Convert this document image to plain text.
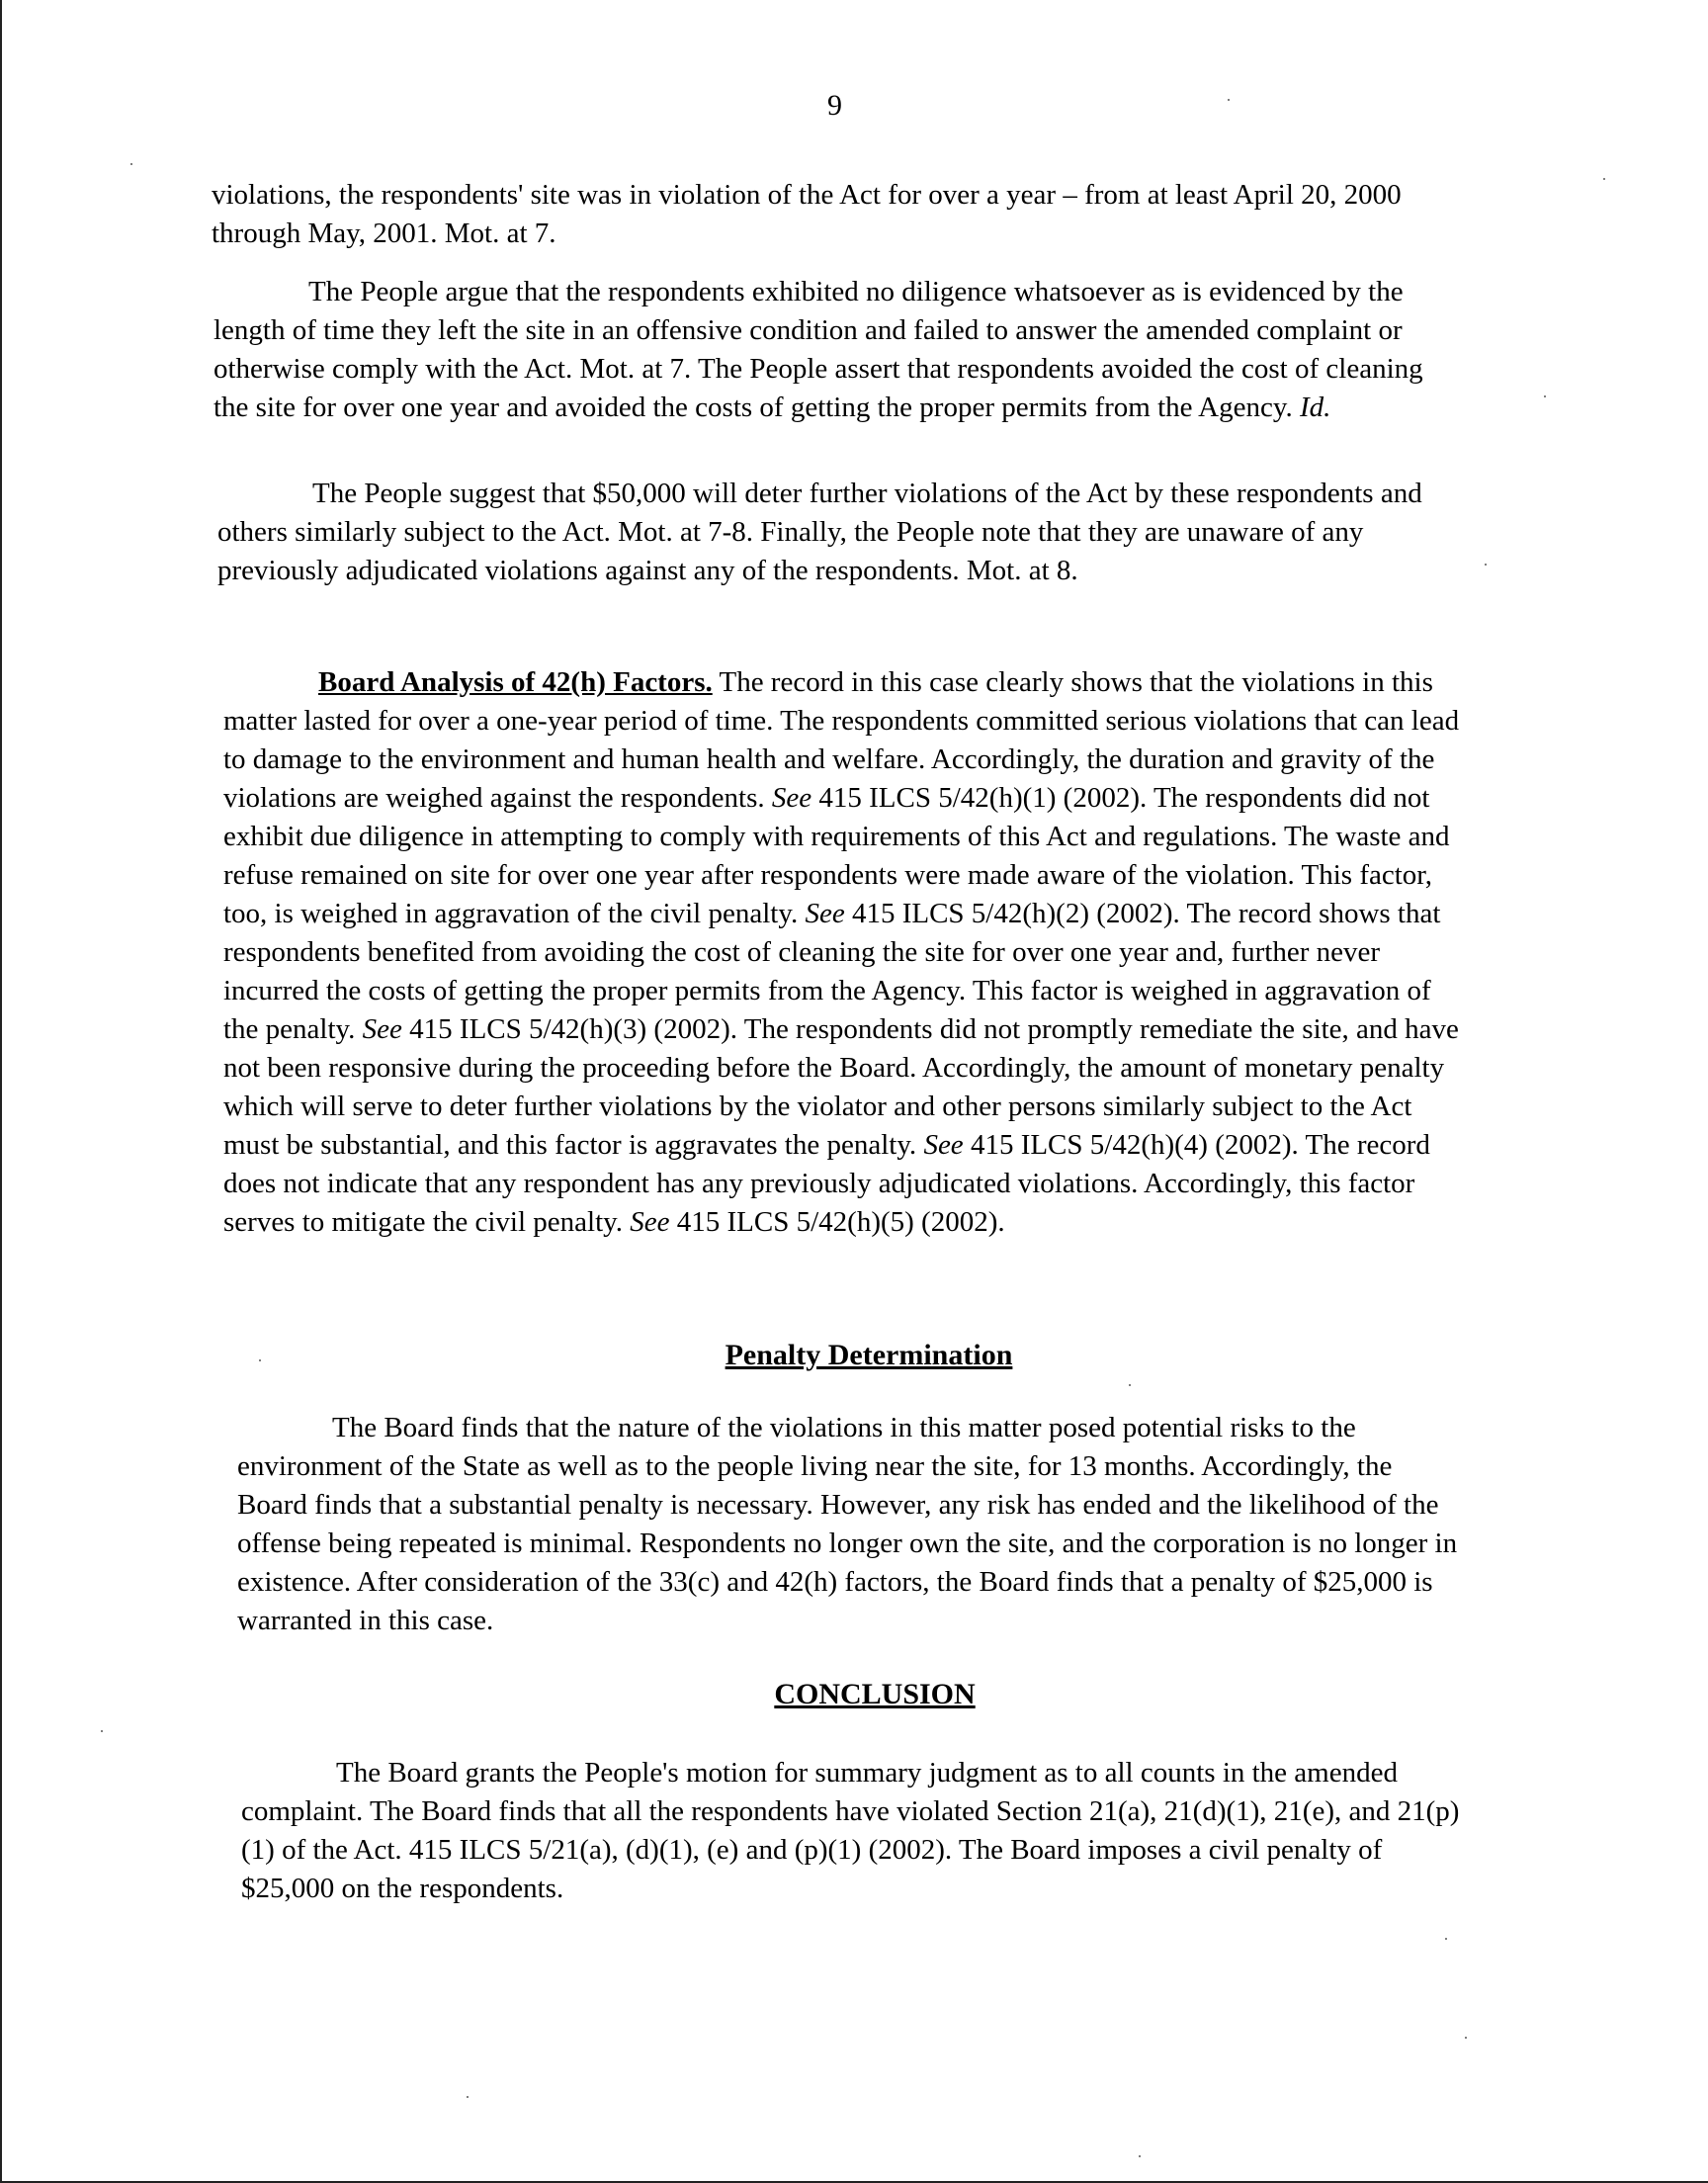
9

violations, the respondents' site was in violation of the Act for over a year – from at least April 20, 2000 through May, 2001. Mot. at 7.

The People argue that the respondents exhibited no diligence whatsoever as is evidenced by the length of time they left the site in an offensive condition and failed to answer the amended complaint or otherwise comply with the Act. Mot. at 7. The People assert that respondents avoided the cost of cleaning the site for over one year and avoided the costs of getting the proper permits from the Agency. Id.

The People suggest that $50,000 will deter further violations of the Act by these respondents and others similarly subject to the Act. Mot. at 7-8. Finally, the People note that they are unaware of any previously adjudicated violations against any of the respondents. Mot. at 8.

Board Analysis of 42(h) Factors. The record in this case clearly shows that the violations in this matter lasted for over a one-year period of time. The respondents committed serious violations that can lead to damage to the environment and human health and welfare. Accordingly, the duration and gravity of the violations are weighed against the respondents. See 415 ILCS 5/42(h)(1) (2002). The respondents did not exhibit due diligence in attempting to comply with requirements of this Act and regulations. The waste and refuse remained on site for over one year after respondents were made aware of the violation. This factor, too, is weighed in aggravation of the civil penalty. See 415 ILCS 5/42(h)(2) (2002). The record shows that respondents benefited from avoiding the cost of cleaning the site for over one year and, further never incurred the costs of getting the proper permits from the Agency. This factor is weighed in aggravation of the penalty. See 415 ILCS 5/42(h)(3) (2002). The respondents did not promptly remediate the site, and have not been responsive during the proceeding before the Board. Accordingly, the amount of monetary penalty which will serve to deter further violations by the violator and other persons similarly subject to the Act must be substantial, and this factor is aggravates the penalty. See 415 ILCS 5/42(h)(4) (2002). The record does not indicate that any respondent has any previously adjudicated violations. Accordingly, this factor serves to mitigate the civil penalty. See 415 ILCS 5/42(h)(5) (2002).

Penalty Determination

The Board finds that the nature of the violations in this matter posed potential risks to the environment of the State as well as to the people living near the site, for 13 months. Accordingly, the Board finds that a substantial penalty is necessary. However, any risk has ended and the likelihood of the offense being repeated is minimal. Respondents no longer own the site, and the corporation is no longer in existence. After consideration of the 33(c) and 42(h) factors, the Board finds that a penalty of $25,000 is warranted in this case.

CONCLUSION

The Board grants the People's motion for summary judgment as to all counts in the amended complaint. The Board finds that all the respondents have violated Section 21(a), 21(d)(1), 21(e), and 21(p)(1) of the Act. 415 ILCS 5/21(a), (d)(1), (e) and (p)(1) (2002). The Board imposes a civil penalty of $25,000 on the respondents.
